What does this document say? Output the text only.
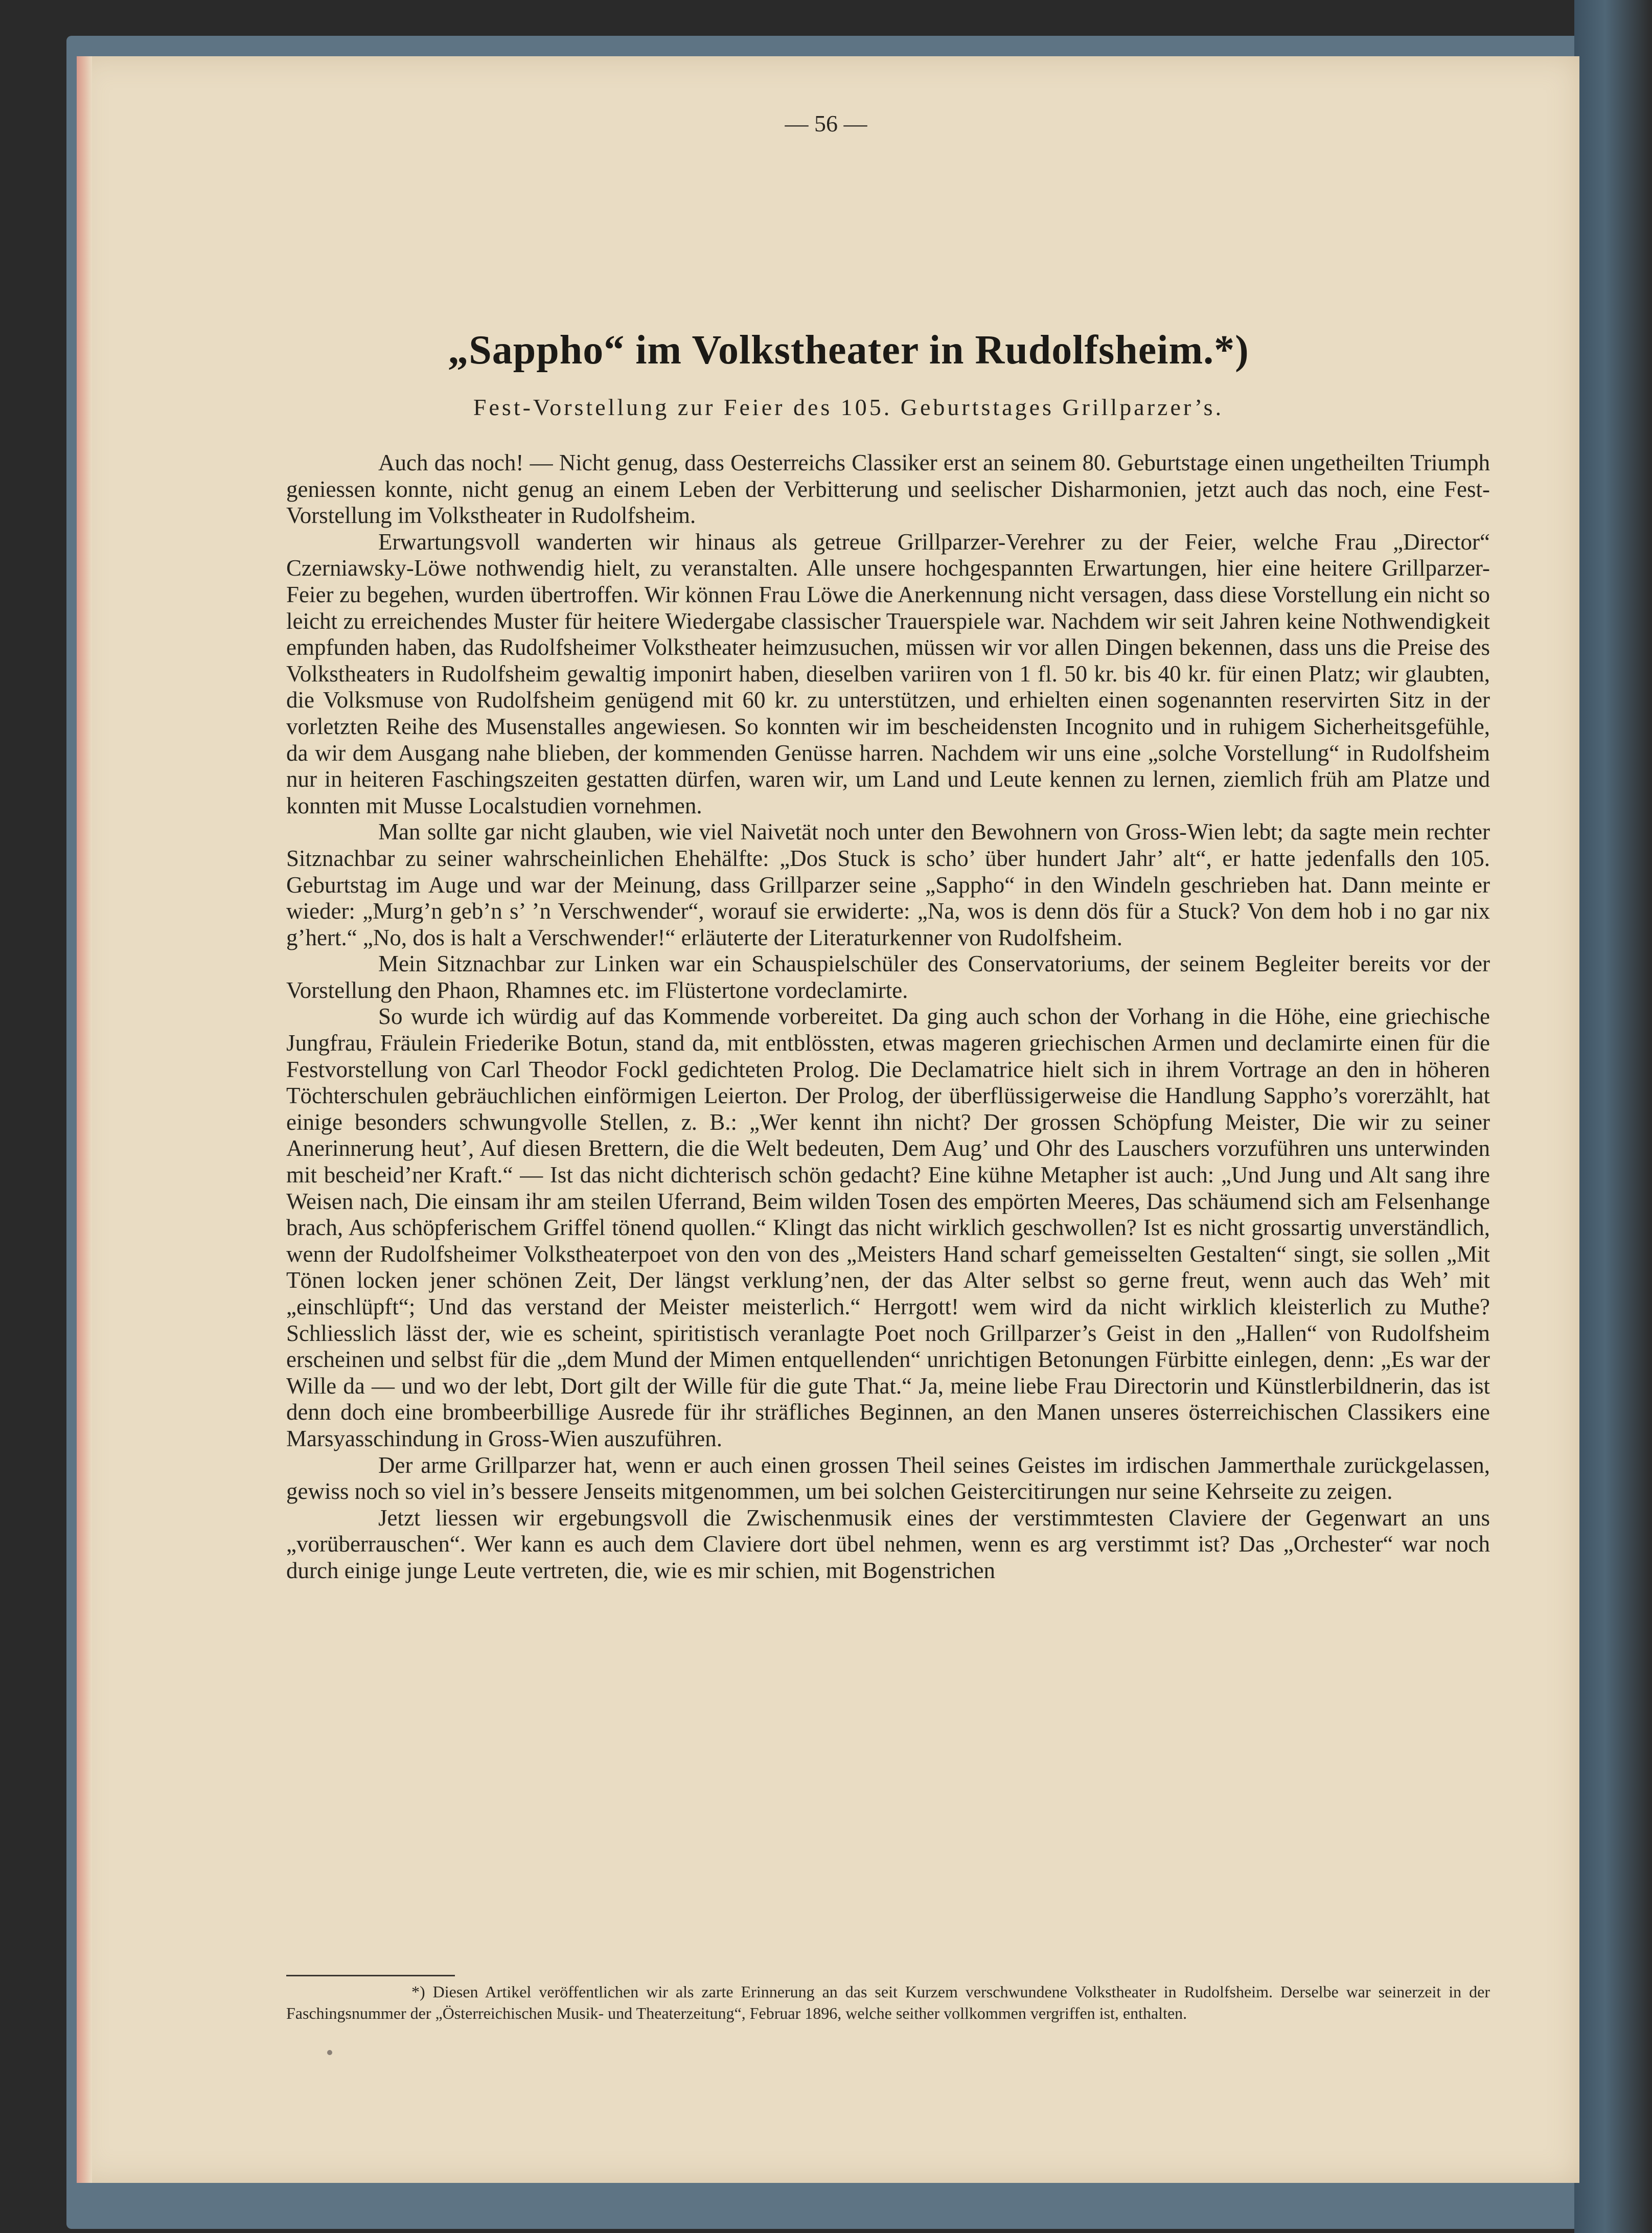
— 56 —
„Sappho“ im Volkstheater in Rudolfsheim.*)
Fest-Vorstellung zur Feier des 105. Geburtstages Grillparzer’s.

Auch das noch! — Nicht genug, dass Oesterreichs Classiker erst an seinem 80. Geburtstage einen ungetheilten Triumph geniessen konnte, nicht genug an einem Leben der Verbitterung und seelischer Disharmonien, jetzt auch das noch, eine Fest-Vorstellung im Volkstheater in Rudolfsheim.

Erwartungsvoll wanderten wir hinaus als getreue Grillparzer-Verehrer zu der Feier, welche Frau „Director“ Czerniawsky-Löwe nothwendig hielt, zu veranstalten. Alle unsere hochgespannten Erwartungen, hier eine heitere Grillparzer-Feier zu begehen, wurden übertroffen. Wir können Frau Löwe die Anerkennung nicht versagen, dass diese Vorstellung ein nicht so leicht zu erreichendes Muster für heitere Wiedergabe classischer Trauerspiele war. Nachdem wir seit Jahren keine Nothwendigkeit empfunden haben, das Rudolfsheimer Volkstheater heimzusuchen, müssen wir vor allen Dingen bekennen, dass uns die Preise des Volkstheaters in Rudolfsheim gewaltig imponirt haben, dieselben variiren von 1 fl. 50 kr. bis 40 kr. für einen Platz; wir glaubten, die Volksmuse von Rudolfsheim genügend mit 60 kr. zu unterstützen, und erhielten einen sogenannten reservirten Sitz in der vorletzten Reihe des Musenstalles angewiesen. So konnten wir im bescheidensten Incognito und in ruhigem Sicherheitsgefühle, da wir dem Ausgang nahe blieben, der kommenden Genüsse harren. Nachdem wir uns eine „solche Vorstellung“ in Rudolfsheim nur in heiteren Faschingszeiten gestatten dürfen, waren wir, um Land und Leute kennen zu lernen, ziemlich früh am Platze und konnten mit Musse Localstudien vornehmen.

Man sollte gar nicht glauben, wie viel Naivetät noch unter den Bewohnern von Gross-Wien lebt; da sagte mein rechter Sitznachbar zu seiner wahrscheinlichen Ehehälfte: „Dos Stuck is scho’ über hundert Jahr’ alt“, er hatte jedenfalls den 105. Geburtstag im Auge und war der Meinung, dass Grillparzer seine „Sappho“ in den Windeln geschrieben hat. Dann meinte er wieder: „Murg’n geb’n s’ ’n Verschwender“, worauf sie erwiderte: „Na, wos is denn dös für a Stuck? Von dem hob i no gar nix g’hert.“ „No, dos is halt a Verschwender!“ erläuterte der Literaturkenner von Rudolfsheim.

Mein Sitznachbar zur Linken war ein Schauspielschüler des Conservatoriums, der seinem Begleiter bereits vor der Vorstellung den Phaon, Rhamnes etc. im Flüstertone vordeclamirte.

So wurde ich würdig auf das Kommende vorbereitet. Da ging auch schon der Vorhang in die Höhe, eine griechische Jungfrau, Fräulein Friederike Botun, stand da, mit entblössten, etwas mageren griechischen Armen und declamirte einen für die Festvorstellung von Carl Theodor Fockl gedichteten Prolog. Die Declamatrice hielt sich in ihrem Vortrage an den in höheren Töchterschulen gebräuchlichen einförmigen Leierton. Der Prolog, der überflüssigerweise die Handlung Sappho’s vorerzählt, hat einige besonders schwungvolle Stellen, z. B.: „Wer kennt ihn nicht? Der grossen Schöpfung Meister, Die wir zu seiner Anerinnerung heut’, Auf diesen Brettern, die die Welt bedeuten, Dem Aug’ und Ohr des Lauschers vorzuführen uns unterwinden mit bescheid’ner Kraft.“ — Ist das nicht dichterisch schön gedacht? Eine kühne Metapher ist auch: „Und Jung und Alt sang ihre Weisen nach, Die einsam ihr am steilen Uferrand, Beim wilden Tosen des empörten Meeres, Das schäumend sich am Felsenhange brach, Aus schöpferischem Griffel tönend quollen.“ Klingt das nicht wirklich geschwollen? Ist es nicht grossartig unverständlich, wenn der Rudolfsheimer Volkstheaterpoet von den von des „Meisters Hand scharf gemeisselten Gestalten“ singt, sie sollen „Mit Tönen locken jener schönen Zeit, Der längst verklung’nen, der das Alter selbst so gerne freut, wenn auch das Weh’ mit „einschlüpft“; Und das verstand der Meister meisterlich.“ Herrgott! wem wird da nicht wirklich kleisterlich zu Muthe? Schliesslich lässt der, wie es scheint, spiritistisch veranlagte Poet noch Grillparzer’s Geist in den „Hallen“ von Rudolfsheim erscheinen und selbst für die „dem Mund der Mimen entquellenden“ unrichtigen Betonungen Fürbitte einlegen, denn: „Es war der Wille da — und wo der lebt, Dort gilt der Wille für die gute That.“ Ja, meine liebe Frau Directorin und Künstlerbildnerin, das ist denn doch eine brombeerbillige Ausrede für ihr sträfliches Beginnen, an den Manen unseres österreichischen Classikers eine Marsyasschindung in Gross-Wien auszuführen.

Der arme Grillparzer hat, wenn er auch einen grossen Theil seines Geistes im irdischen Jammerthale zurückgelassen, gewiss noch so viel in’s bessere Jenseits mitgenommen, um bei solchen Geistercitirungen nur seine Kehrseite zu zeigen.

Jetzt liessen wir ergebungsvoll die Zwischenmusik eines der verstimmtesten Claviere der Gegenwart an uns „vorüberrauschen“. Wer kann es auch dem Claviere dort übel nehmen, wenn es arg verstimmt ist? Das „Orchester“ war noch durch einige junge Leute vertreten, die, wie es mir schien, mit Bogenstrichen

*) Diesen Artikel veröffentlichen wir als zarte Erinnerung an das seit Kurzem verschwundene Volkstheater in Rudolfsheim. Derselbe war seinerzeit in der Faschingsnummer der „Österreichischen Musik- und Theaterzeitung“, Februar 1896, welche seither vollkommen vergriffen ist, enthalten.
